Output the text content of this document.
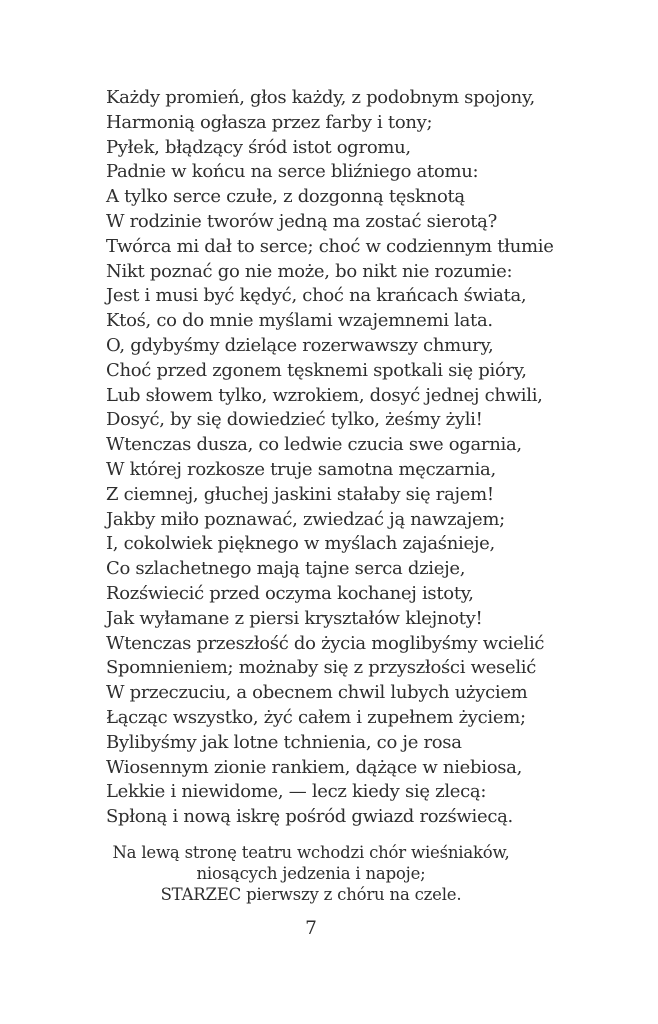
Każdy promień, głos każdy, z podobnym spojony,
Harmonią ogłasza przez farby i tony;
Pyłek, błądzący śród istot ogromu,
Padnie w końcu na serce bliźniego atomu:
A tylko serce czułe, z dozgonną tęsknotą
W rodzinie tworów jedną ma zostać sierotą?
Twórca mi dał to serce; choć w codziennym tłumie
Nikt poznać go nie może, bo nikt nie rozumie:
Jest i musi być kędyć, choć na krańcach świata,
Ktoś, co do mnie myślami wzajemnemi lata.
O, gdybyśmy dzielące rozerwawszy chmury,
Choć przed zgonem tęsknemi spotkali się pióry,
Lub słowem tylko, wzrokiem, dosyć jednej chwili,
Dosyć, by się dowiedzieć tylko, żeśmy żyli!
Wtenczas dusza, co ledwie czucia swe ogarnia,
W której rozkosze truje samotna męczarnia,
Z ciemnej, głuchej jaskini stałaby się rajem!
Jakby miło poznawać, zwiedzać ją nawzajem;
I, cokolwiek pięknego w myślach zajaśnieje,
Co szlachetnego mają tajne serca dzieje,
Rozświecić przed oczyma kochanej istoty,
Jak wyłamane z piersi kryształów klejnoty!
Wtenczas przeszłość do życia moglibyśmy wcielić
Spomnieniem; możnaby się z przyszłości weselić
W przeczuciu, a obecnem chwil lubych użyciem
Łącząc wszystko, żyć całem i zupełnem życiem;
Bylibyśmy jak lotne tchnienia, co je rosa
Wiosennym zionie rankiem, dążące w niebiosa,
Lekkie i niewidome, — lecz kiedy się zlecą:
Spłoną i nową iskrę pośród gwiazd rozświecą.
Na lewą stronę teatru wchodzi chór wieśniaków,
niosących jedzenia i napoje;
STARZEC pierwszy z chóru na czele.
7
